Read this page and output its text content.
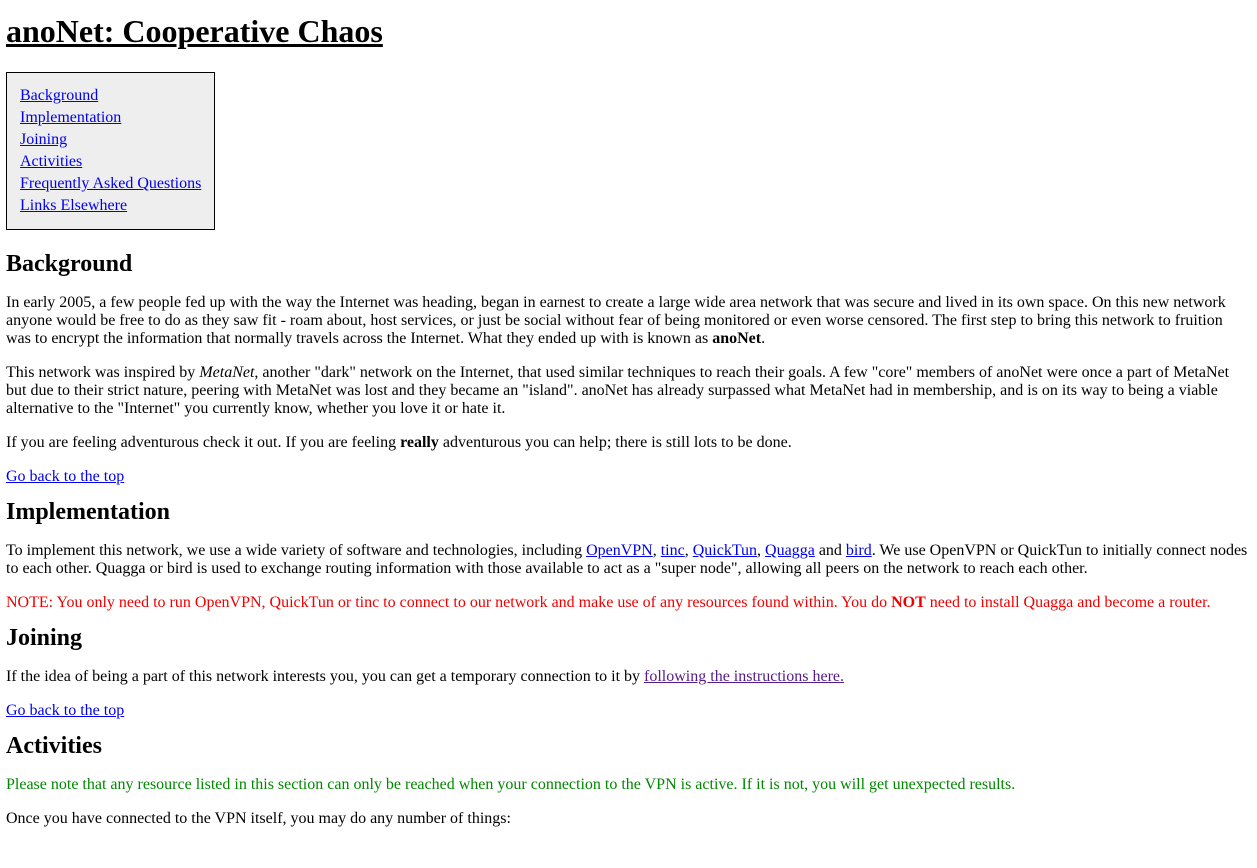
anoNet: Cooperative Chaos
Background
Implementation
Joining
Activities
Frequently Asked Questions
Links Elsewhere
Background

In early 2005, a few people fed up with the way the Internet was heading, began in earnest to create a large wide area network that was secure and lived in its own space. On this new network anyone would be free to do as they saw fit - roam about, host services, or just be social without fear of being monitored or even worse censored. The first step to bring this network to fruition was to encrypt the information that normally travels across the Internet. What they ended up with is known as anoNet.

This network was inspired by MetaNet, another "dark" network on the Internet, that used similar techniques to reach their goals. A few "core" members of anoNet were once a part of MetaNet but due to their strict nature, peering with MetaNet was lost and they became an "island". anoNet has already surpassed what MetaNet had in membership, and is on its way to being a viable alternative to the "Internet" you currently know, whether you love it or hate it.

If you are feeling adventurous check it out. If you are feeling really adventurous you can help; there is still lots to be done.

Go back to the top

Implementation

To implement this network, we use a wide variety of software and technologies, including OpenVPN, tinc, QuickTun, Quagga and bird. We use OpenVPN or QuickTun to initially connect nodes to each other. Quagga or bird is used to exchange routing information with those available to act as a "super node", allowing all peers on the network to reach each other.

NOTE: You only need to run OpenVPN, QuickTun or tinc to connect to our network and make use of any resources found within. You do NOT need to install Quagga and become a router.

Joining

If the idea of being a part of this network interests you, you can get a temporary connection to it by following the instructions here.

Go back to the top

Activities

Please note that any resource listed in this section can only be reached when your connection to the VPN is active. If it is not, you will get unexpected results.

Once you have connected to the VPN itself, you may do any number of things:
